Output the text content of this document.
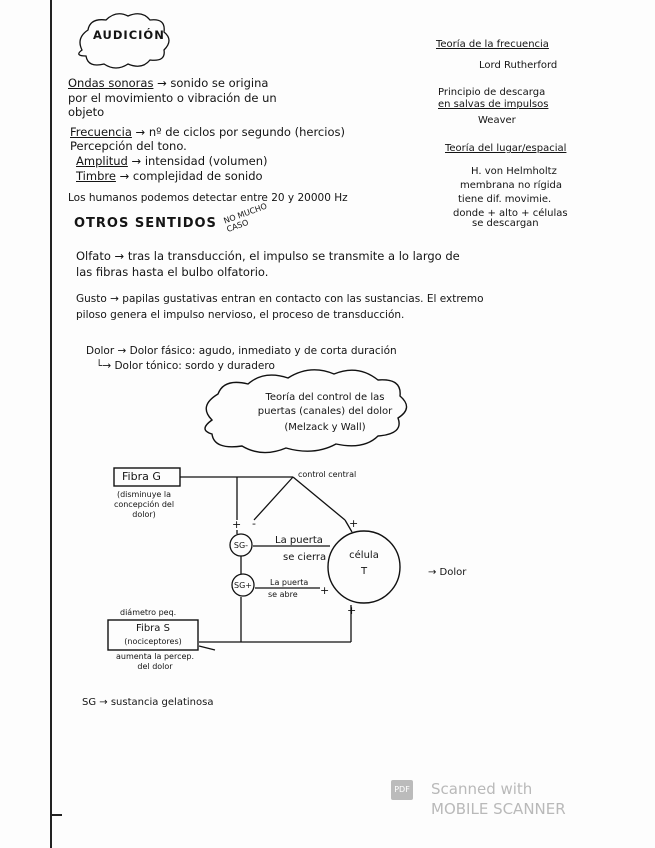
+
-
+
+
+
AUDICIÓN
Ondas sonoras → sonido se origina
por el movimiento o vibración de un
objeto
Frecuencia → nº de ciclos por segundo (hercios)
Percepción del tono.
Amplitud → intensidad (volumen)
Timbre → complejidad de sonido
Los humanos podemos detectar entre 20 y 20000 Hz
Teoría de la frecuencia
Lord Rutherford
Principio de descarga
en salvas de impulsos
Weaver
Teoría del lugar/espacial
H. von Helmholtz
membrana no rígida
tiene dif. movimie.
donde + alto + células
se descargan
OTROS SENTIDOS NO MUCHO CASO
Olfato → tras la transducción, el impulso se transmite a lo largo de
las fibras hasta el bulbo olfatorio.
Gusto → papilas gustativas entran en contacto con las sustancias. El extremo
piloso genera el impulso nervioso, el proceso de transducción.
Dolor → Dolor fásico: agudo, inmediato y de corta duración
└→ Dolor tónico: sordo y duradero
Teoría del control de las
puertas (canales) del dolor
(Melzack y Wall)
Fibra G
(disminuye la
concepción del
dolor)
control central
SG-
SG+
La puerta
se cierra
La puerta
se abre
célula
T	→ Dolor
diámetro peq.
Fibra S
(nociceptores)
aumenta la percep.
del dolor
SG → sustancia gelatinosa
PDF Scanned with
MOBILE SCANNER
